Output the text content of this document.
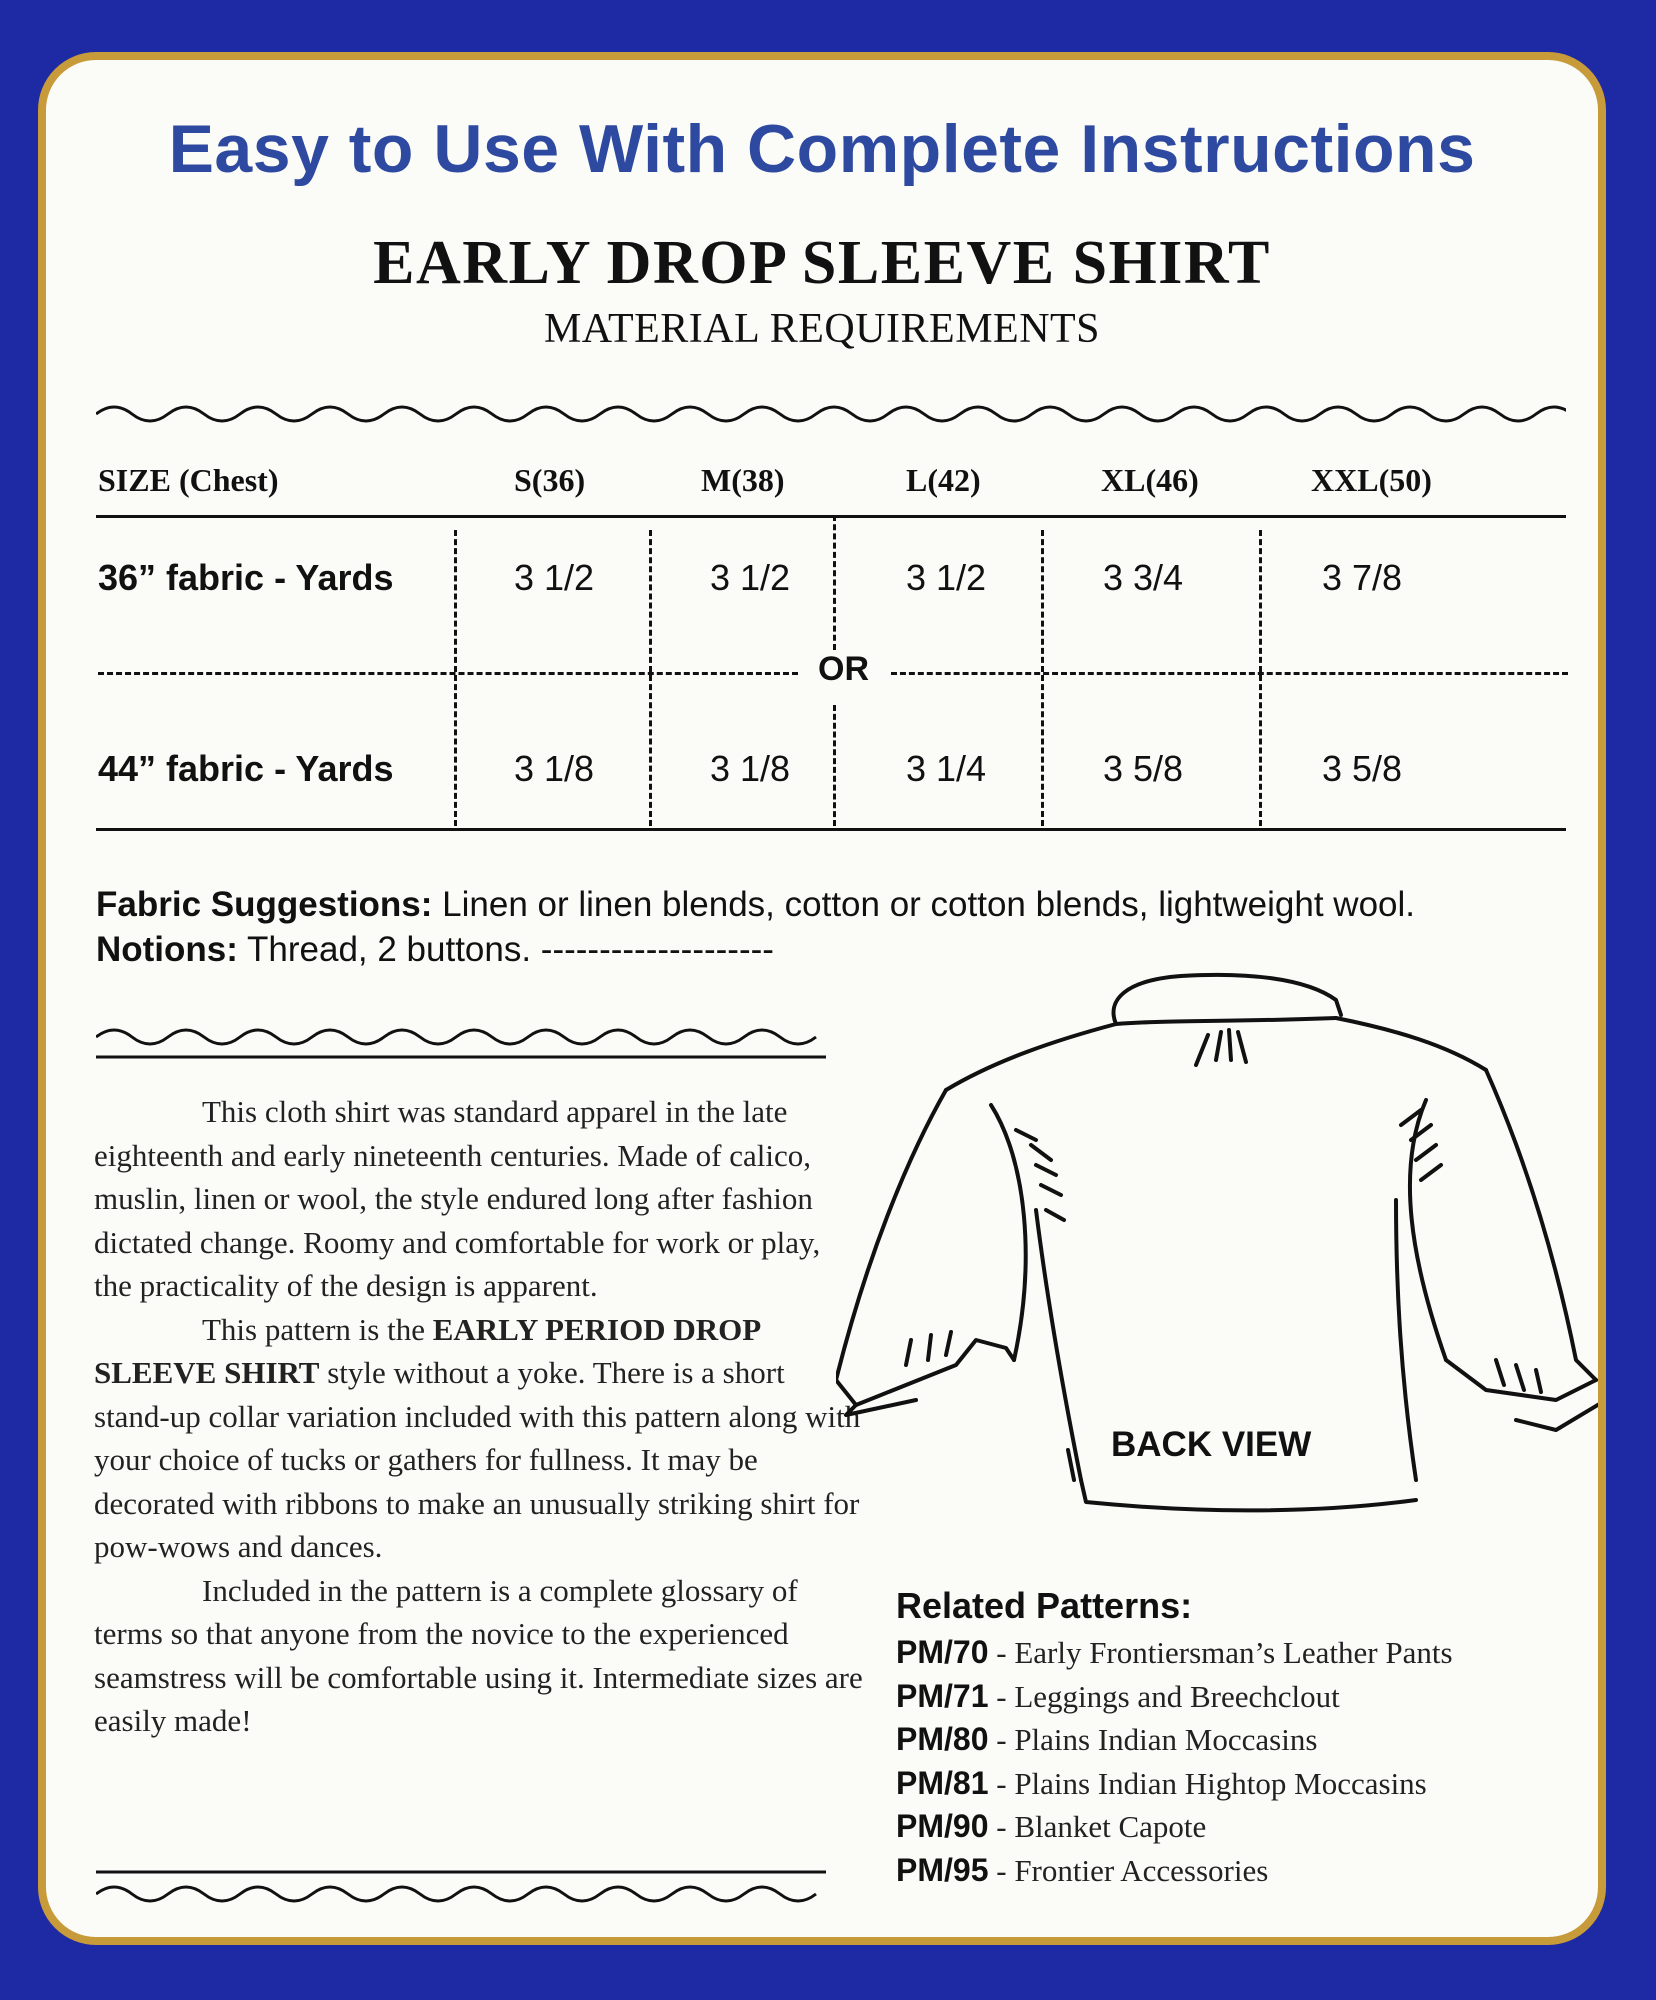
Easy to Use With Complete Instructions
EARLY DROP SLEEVE SHIRT
MATERIAL REQUIREMENTS
SIZE (Chest)	S(36)	M(38)	L(42)	XL(46)	XXL(50)
OR
36” fabric - Yards	3 1/2	3 1/2	3 1/2	3 3/4	3 7/8
44” fabric - Yards	3 1/8	3 1/8	3 1/4	3 5/8	3 5/8
Fabric Suggestions: Linen or linen blends, cotton or cotton blends, lightweight wool.
Notions: Thread, 2 buttons. --------------------

This cloth shirt was standard apparel in the late eighteenth and early nineteenth centuries. Made of calico, muslin, linen or wool, the style endured long after fashion dictated change. Roomy and comfortable for work or play, the practicality of the design is apparent.

This pattern is the EARLY PERIOD DROP SLEEVE SHIRT style without a yoke. There is a short stand-up collar variation included with this pattern along with your choice of tucks or gathers for fullness. It may be decorated with ribbons to make an unusually striking shirt for pow-wows and dances.

Included in the pattern is a complete glossary of terms so that anyone from the novice to the experienced seamstress will be comfortable using it. Intermediate sizes are easily made!

BACK VIEW
Related Patterns:
PM/70 - Early Frontiersman’s Leather Pants
PM/71 - Leggings and Breechclout
PM/80 - Plains Indian Moccasins
PM/81 - Plains Indian Hightop Moccasins
PM/90 - Blanket Capote
PM/95 - Frontier Accessories
